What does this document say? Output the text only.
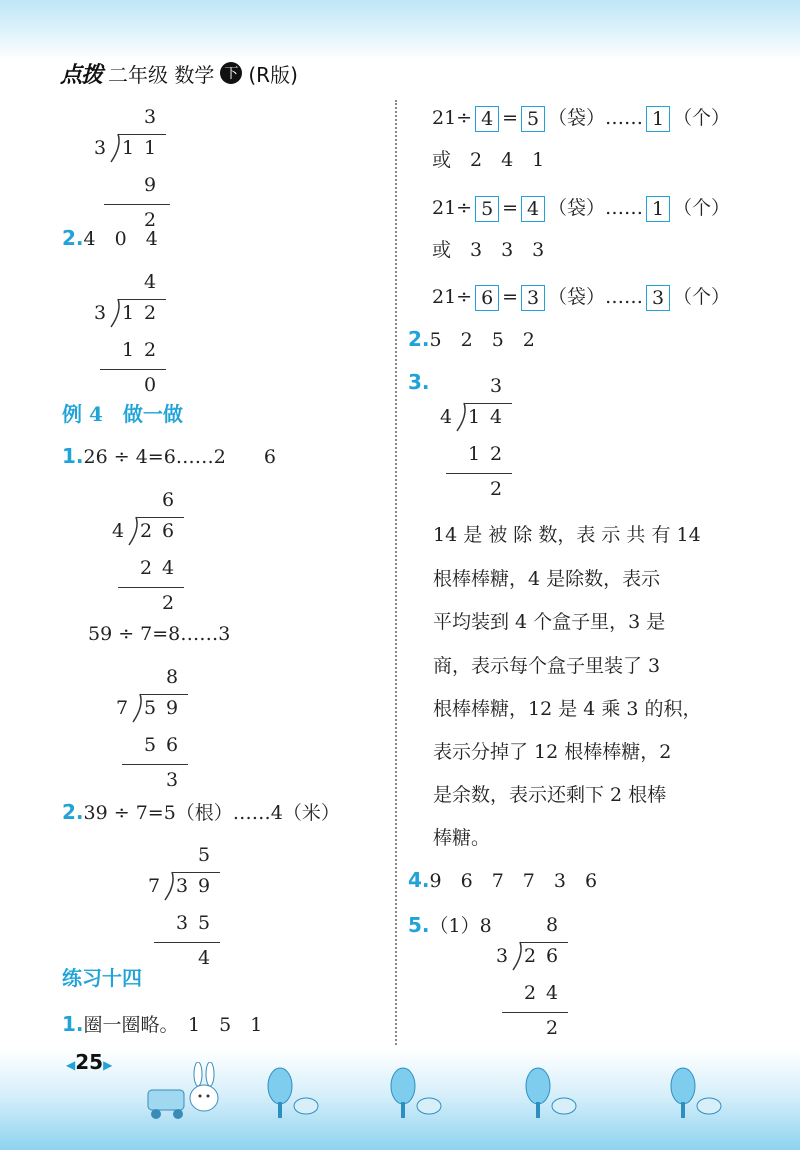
点拨 二年级 数学 下 (R版)
3
3 1 1
9
2
2.4　0　4
4
3 1 2
1 2
0
例 4　做一做
1.26 ÷ 4=6……2　　6
6
4 2 6
2 4
2
59 ÷ 7=8……3
8
7 5 9
5 6
3
2.39 ÷ 7=5（根）……4（米）
5
7 3 9
3 5
4
练习十四
1.圈一圈略。　1　5　1
21÷ 4 = 5 （袋）…… 1 （个）
或　2　4　1
21÷ 5 = 4 （袋）…… 1 （个）
或　3　3　3
21÷ 6 = 3 （袋）…… 3 （个）
2.5　2　5　2
3.	3
4 1 4
1 2
2
14 是 被 除 数，表 示 共 有 14
根棒棒糖，4 是除数，表示
平均装到 4 个盒子里，3 是
商，表示每个盒子里装了 3
根棒棒糖，12 是 4 乘 3 的积，
表示分掉了 12 根棒棒糖，2
是余数，表示还剩下 2 根棒
棒糖。
4.9　6　7　7　3　6
5.（1）8	8
3 2 6
2 4
2
◀25▶
